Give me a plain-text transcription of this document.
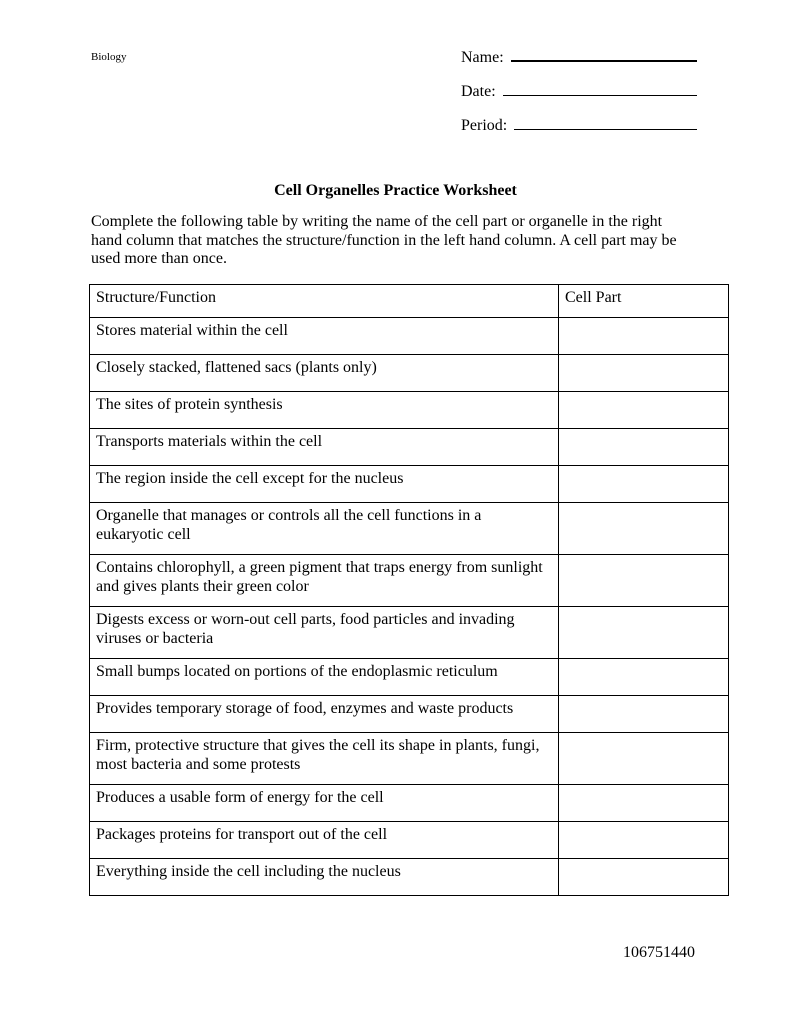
Biology	Name:
Date:
Period:
Cell Organelles Practice Worksheet

Complete the following table by writing the name of the cell part or organelle in the right hand column that matches the structure/function in the left hand column. A cell part may be used more than once.

Structure/Function	Cell Part
Stores material within the cell	
Closely stacked, flattened sacs (plants only)	
The sites of protein synthesis	
Transports materials within the cell	
The region inside the cell except for the nucleus	
Organelle that manages or controls all the cell functions in a eukaryotic cell	
Contains chlorophyll, a green pigment that traps energy from sunlight and gives plants their green color	
Digests excess or worn-out cell parts, food particles and invading viruses or bacteria	
Small bumps located on portions of the endoplasmic reticulum	
Provides temporary storage of food, enzymes and waste products	
Firm, protective structure that gives the cell its shape in plants, fungi, most bacteria and some protests	
Produces a usable form of energy for the cell	
Packages proteins for transport out of the cell	
Everything inside the cell including the nucleus	
106751440
